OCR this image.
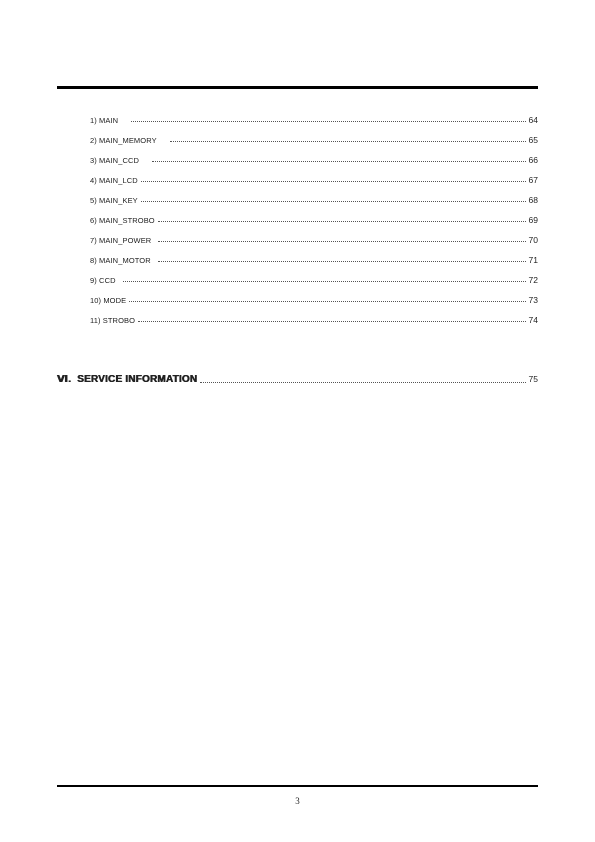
1) MAIN	64
2) MAIN_MEMORY	65
3) MAIN_CCD	66
4) MAIN_LCD	67
5) MAIN_KEY	68
6) MAIN_STROBO	69
7) MAIN_POWER	70
8) MAIN_MOTOR	71
9) CCD	72
10) MODE	73
11) STROBO	74
Ⅵ. SERVICE INFORMATION	75
3
